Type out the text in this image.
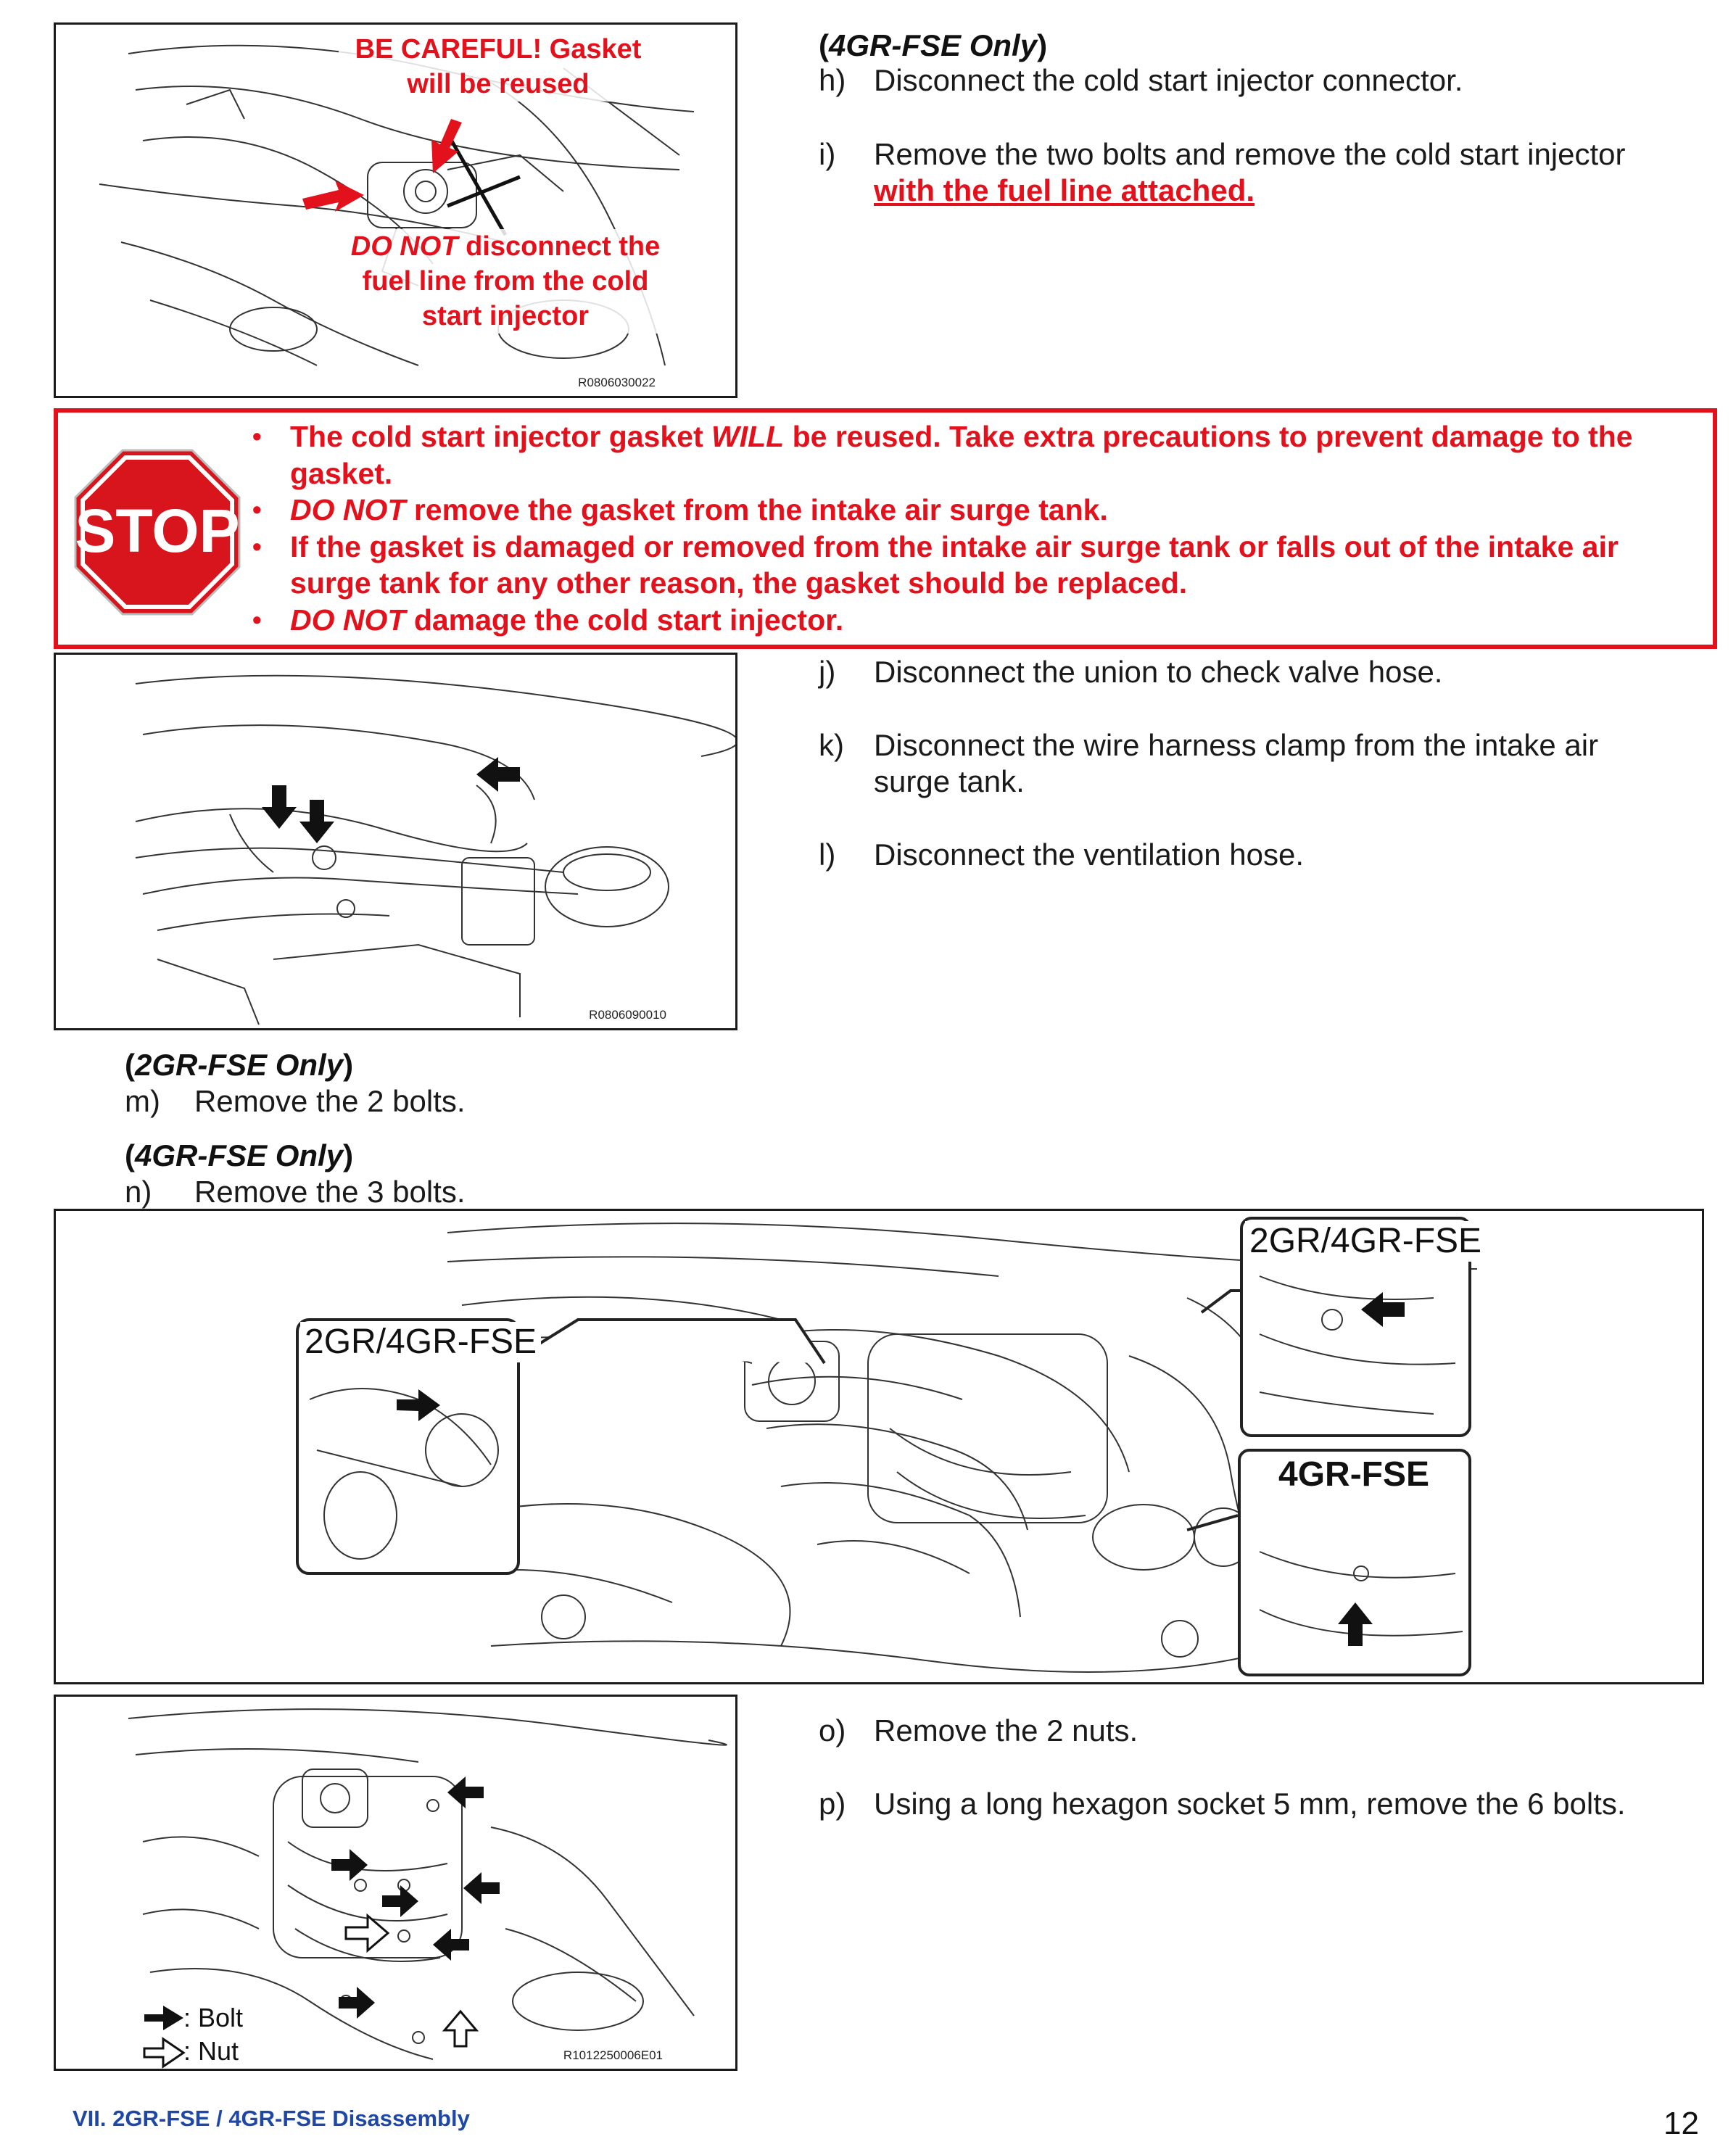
BE CAREFUL! Gasket will be reused
DO NOT disconnect the fuel line from the cold start injector
R0806030022
(4GR-FSE Only)
h) Disconnect the cold start injector connector.
i) Remove the two bolts and remove the cold start injector
with the fuel line attached.
STOP
• The cold start injector gasket WILL be reused. Take extra precautions to prevent damage to the gasket.
• DO NOT remove the gasket from the intake air surge tank.
• If the gasket is damaged or removed from the intake air surge tank or falls out of the intake air surge tank for any other reason, the gasket should be replaced.
• DO NOT damage the cold start injector.
R0806090010
j) Disconnect the union to check valve hose.
k) Disconnect the wire harness clamp from the intake air surge tank.
l) Disconnect the ventilation hose.
(2GR-FSE Only)
m) Remove the 2 bolts.
(4GR-FSE Only)
n) Remove the 3 bolts.
2GR/4GR-FSE
2GR/4GR-FSE
4GR-FSE
: Bolt
: Nut	R1012250006E01
o) Remove the 2 nuts.
p) Using a long hexagon socket 5 mm, remove the 6 bolts.
VII. 2GR-FSE / 4GR-FSE Disassembly	12
